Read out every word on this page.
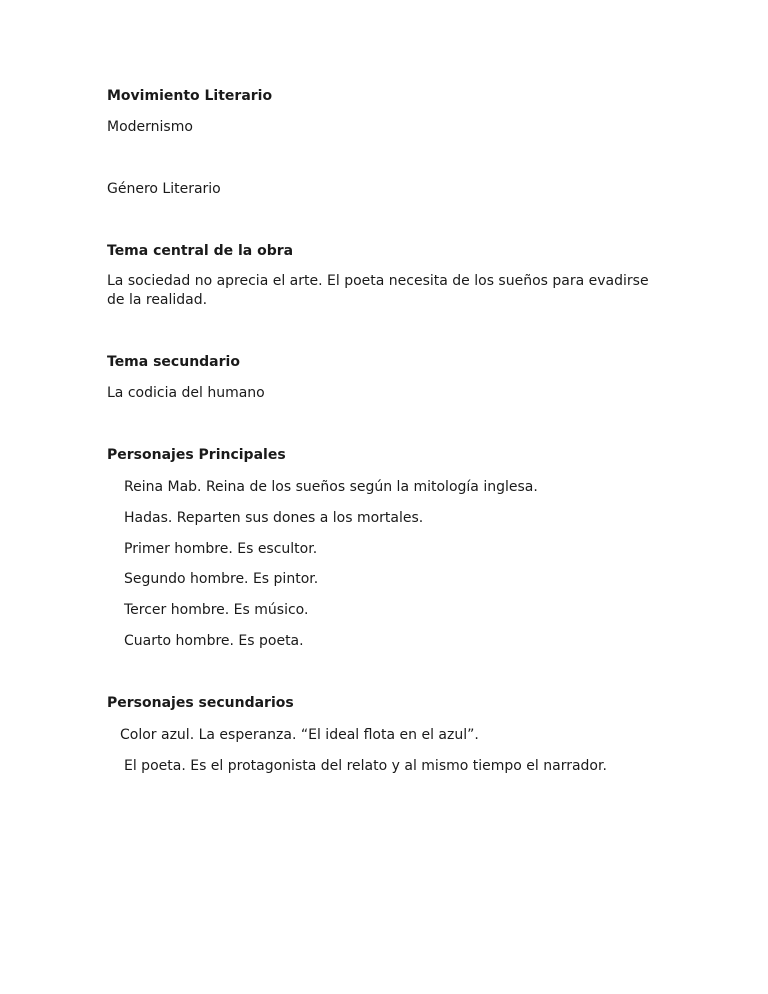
Movimiento Literario
Modernismo
Género Literario
Tema central de la obra
La sociedad no aprecia el arte. El poeta necesita de los sueños para evadirse de la realidad.
Tema secundario
La codicia del humano
Personajes Principales
Reina Mab. Reina de los sueños según la mitología inglesa.
Hadas. Reparten sus dones a los mortales.
Primer hombre. Es escultor.
Segundo hombre. Es pintor.
Tercer hombre. Es músico.
Cuarto hombre. Es poeta.
Personajes secundarios
Color azul. La esperanza. “El ideal flota en el azul”.
El poeta. Es el protagonista del relato y al mismo tiempo el narrador.
